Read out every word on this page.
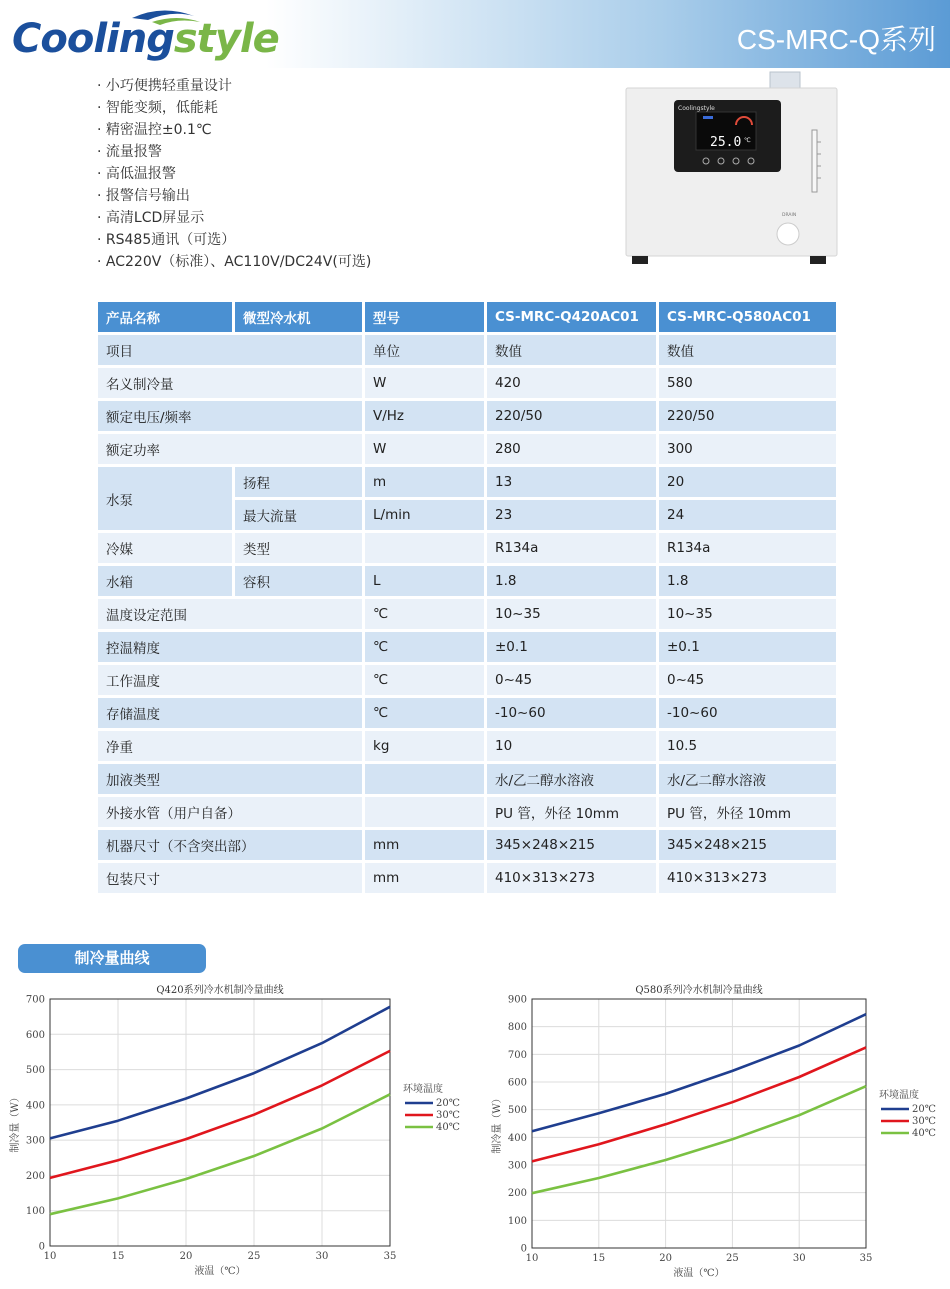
Coolingstyle	CS-MRC-Q系列
· 小巧便携轻重量设计
· 智能变频，低能耗
· 精密温控±0.1℃
· 流量报警
· 高低温报警
· 报警信号输出
· 高清LCD屏显示
· RS485通讯（可选）
· AC220V（标准）、AC110V/DC24V(可选)
Coolingstyle
25.0 ℃
DRAIN
产品名称	微型冷水机	型号	CS-MRC-Q420AC01	CS-MRC-Q580AC01
项目		单位	数值	数值
名义制冷量		W	420	580
额定电压/频率		V/Hz	220/50	220/50
额定功率		W	280	300
水泵	扬程	m	13	20
	最大流量	L/min	23	24
冷媒	类型		R134a	R134a
水箱	容积	L	1.8	1.8
温度设定范围		℃	10~35	10~35
控温精度		℃	±0.1	±0.1
工作温度		℃	0~45	0~45
存储温度		℃	-10~60	-10~60
净重		kg	10	10.5
加液类型			水/乙二醇水溶液	水/乙二醇水溶液
外接水管（用户自备）			PU 管，外径 10mm	PU 管，外径 10mm
机器尺寸（不含突出部）		mm	345×248×215	345×248×215
包装尺寸		mm	410×313×273	410×313×273
制冷量曲线
0
100
200
300
400
500
600
700
10	15	20	25	30	35
Q420系列冷水机制冷量曲线
液温（℃）
制冷量（W）
环境温度
20℃
30℃
40℃
0
100
200
300
400
500
600
700
800
900
10	15	20	25	30	35
Q580系列冷水机制冷量曲线
液温（℃）
制冷量（W）	环境温度
20℃
30℃
40℃
